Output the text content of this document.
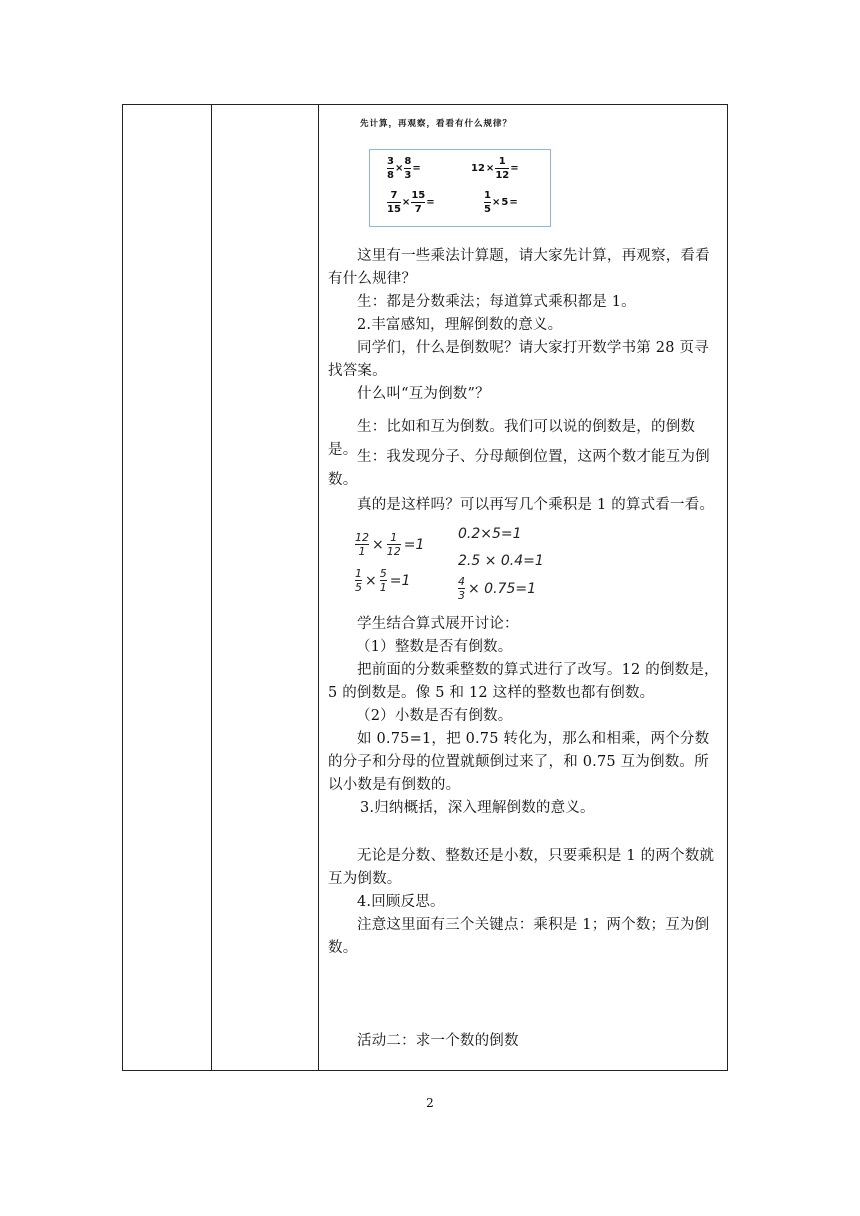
先计算，再观察，看看有什么规律？
$\frac{3}{8} \times \frac{8}{3}$ =	$12 \times \frac{1}{12}$ =
$\frac{7}{15} \times \frac{15}{7}$ =	$\frac{1}{5} \times 5$ =

这里有一些乘法计算题，请大家先计算，再观察，看看有什么规律？

生：都是分数乘法；每道算式乘积都是 1。

2.丰富感知，理解倒数的意义。

同学们，什么是倒数呢？请大家打开数学书第 28 页寻找答案。

什么叫“互为倒数”？

生：比如和互为倒数。我们可以说的倒数是，的倒数是。 生：我发现分子、分母颠倒位置，这两个数才能互为倒数。

真的是这样吗？可以再写几个乘积是 1 的算式看一看。

$\frac{12}{1} \times \frac{1}{12} =1$
$\frac{1}{5} \times \frac{5}{1} =1$
0.2×5=1
2.5 × 0.4=1
$\frac{4}{3} \times 0.75=1$

学生结合算式展开讨论：

（1）整数是否有倒数。

把前面的分数乘整数的算式进行了改写。12 的倒数是，5 的倒数是。像 5 和 12 这样的整数也都有倒数。

（2）小数是否有倒数。

如 0.75=1，把 0.75 转化为，那么和相乘，两个分数的分子和分母的位置就颠倒过来了，和 0.75 互为倒数。所以小数是有倒数的。

3.归纳概括，深入理解倒数的意义。

无论是分数、整数还是小数，只要乘积是 1 的两个数就互为倒数。

4.回顾反思。

注意这里面有三个关键点：乘积是 1；两个数；互为倒数。

活动二：求一个数的倒数

2
